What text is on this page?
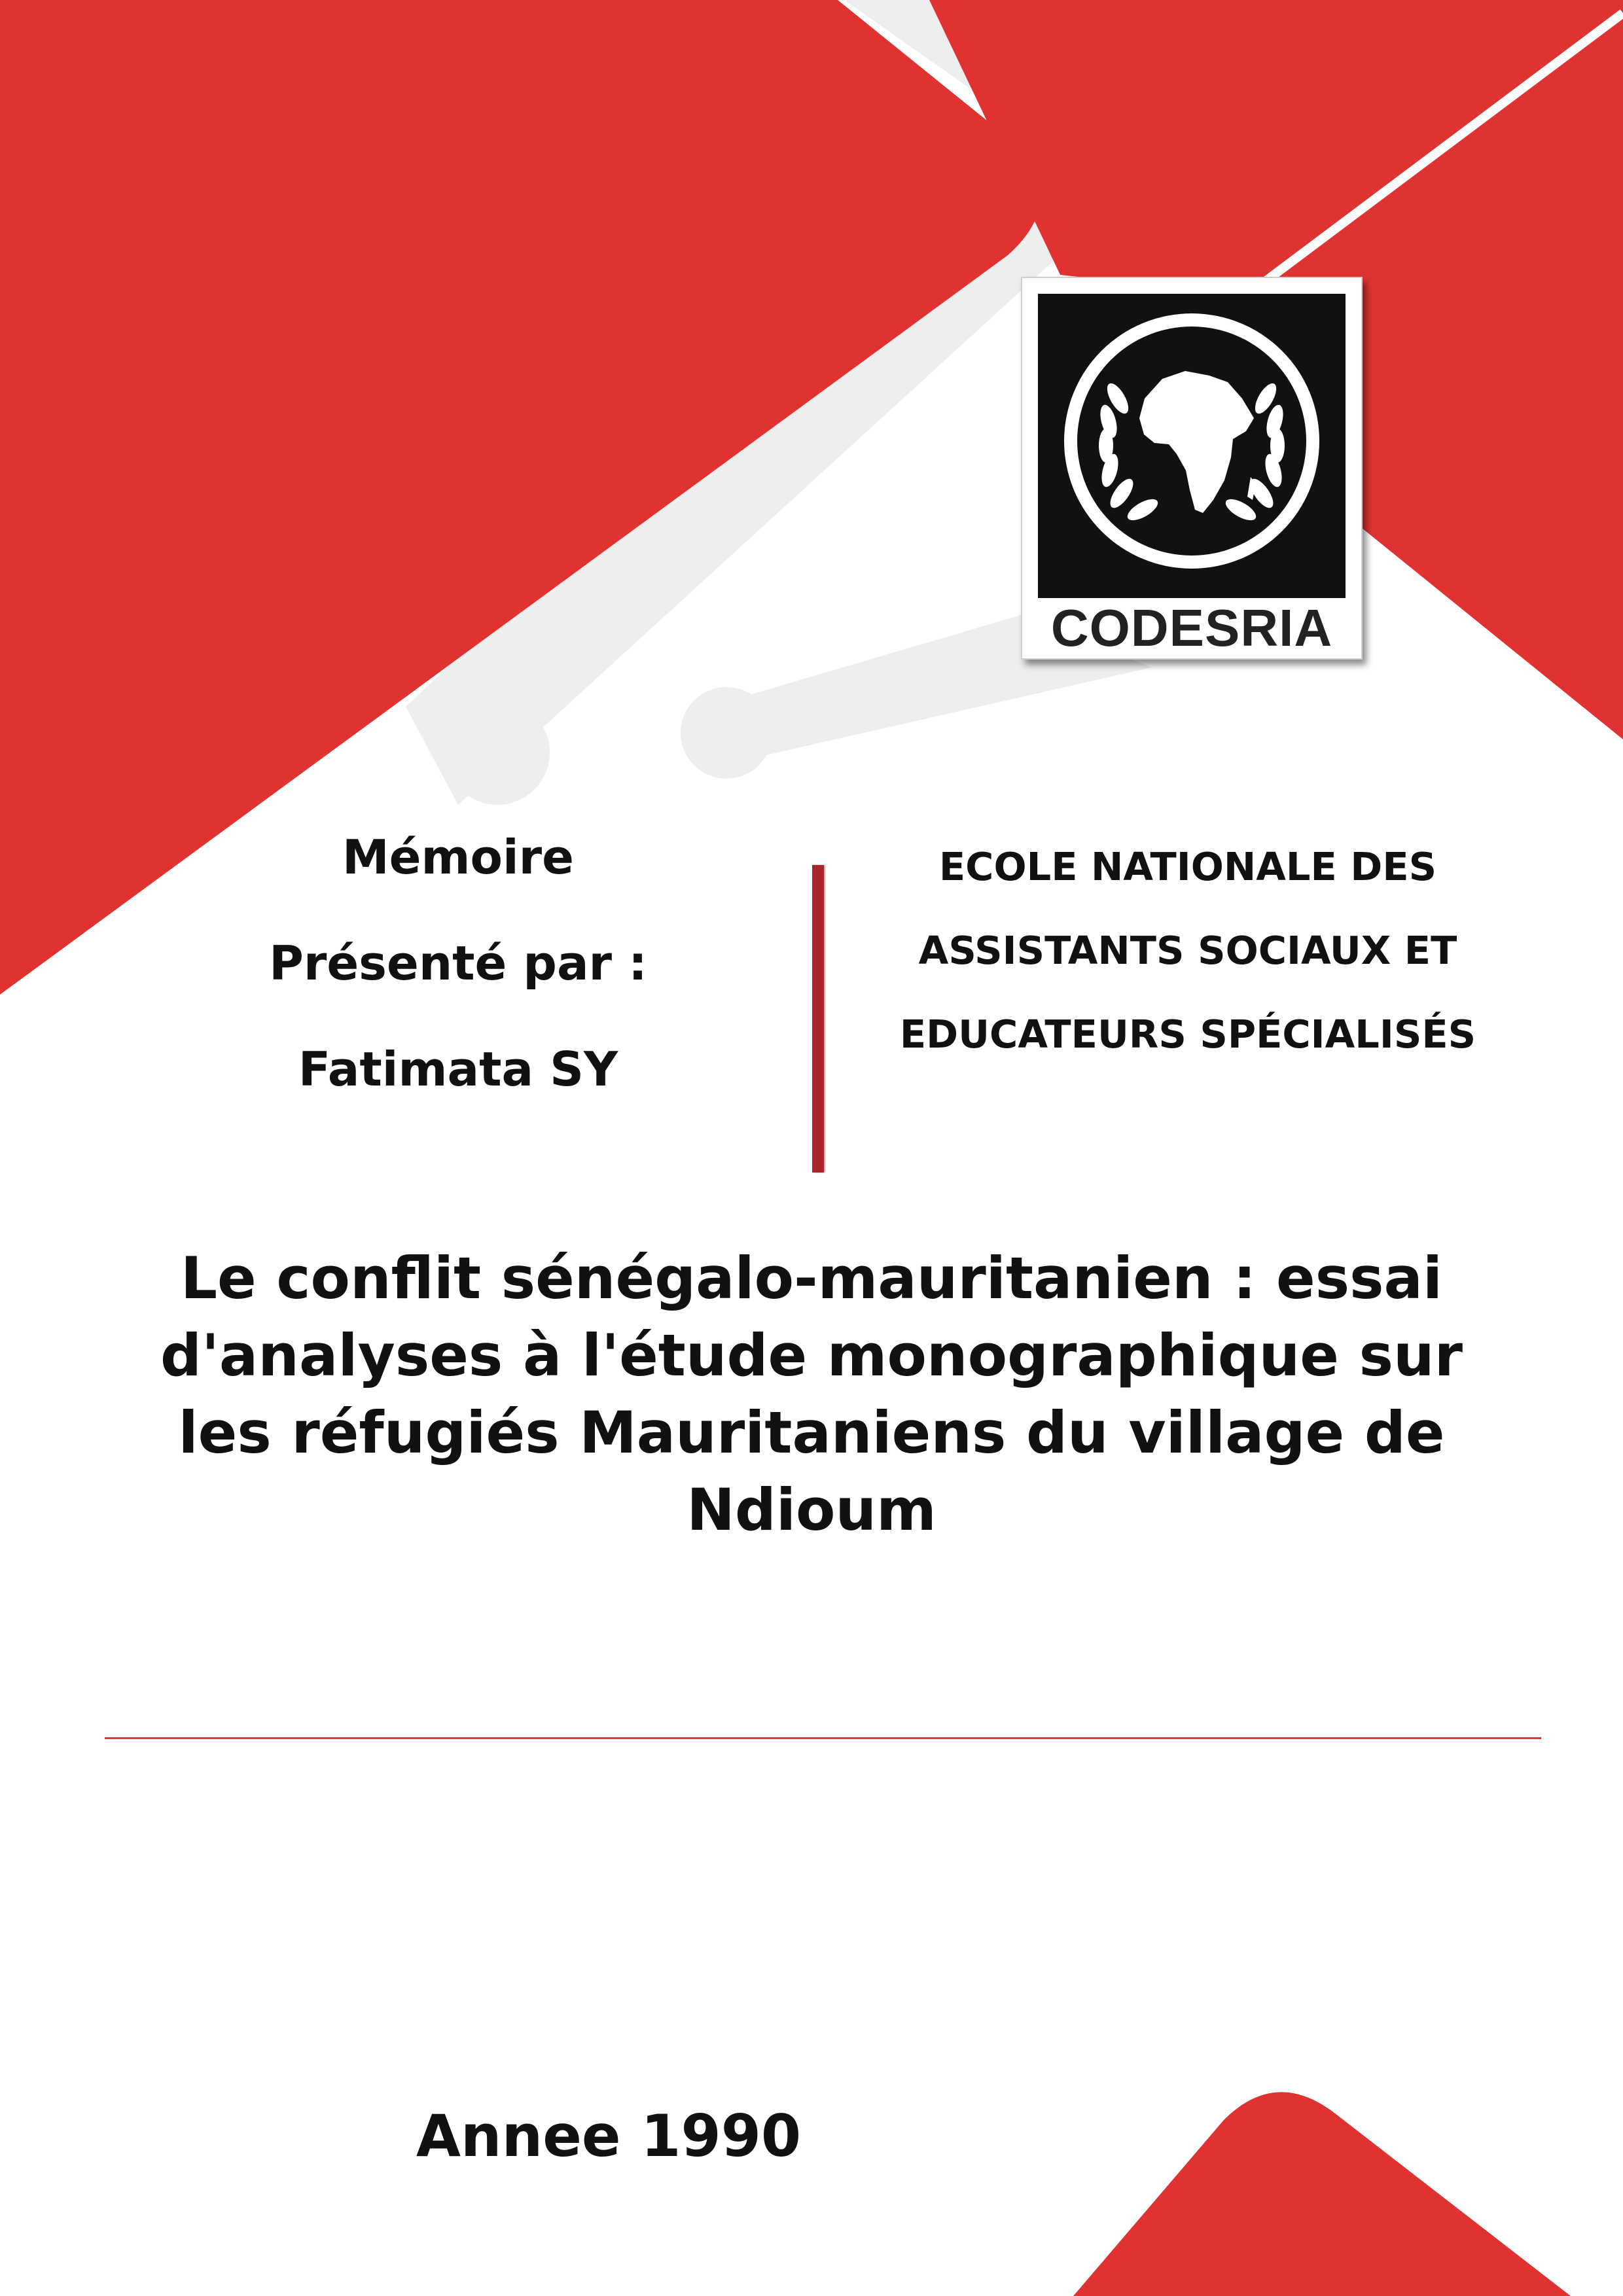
CODESRIA
Mémoire
Présenté par :
Fatimata SY
ECOLE NATIONALE DES
ASSISTANTS SOCIAUX ET
EDUCATEURS SPÉCIALISÉS
Le conflit sénégalo-mauritanien : essai
d'analyses à l'étude monographique sur
les réfugiés Mauritaniens du village de
Ndioum
Annee 1990
